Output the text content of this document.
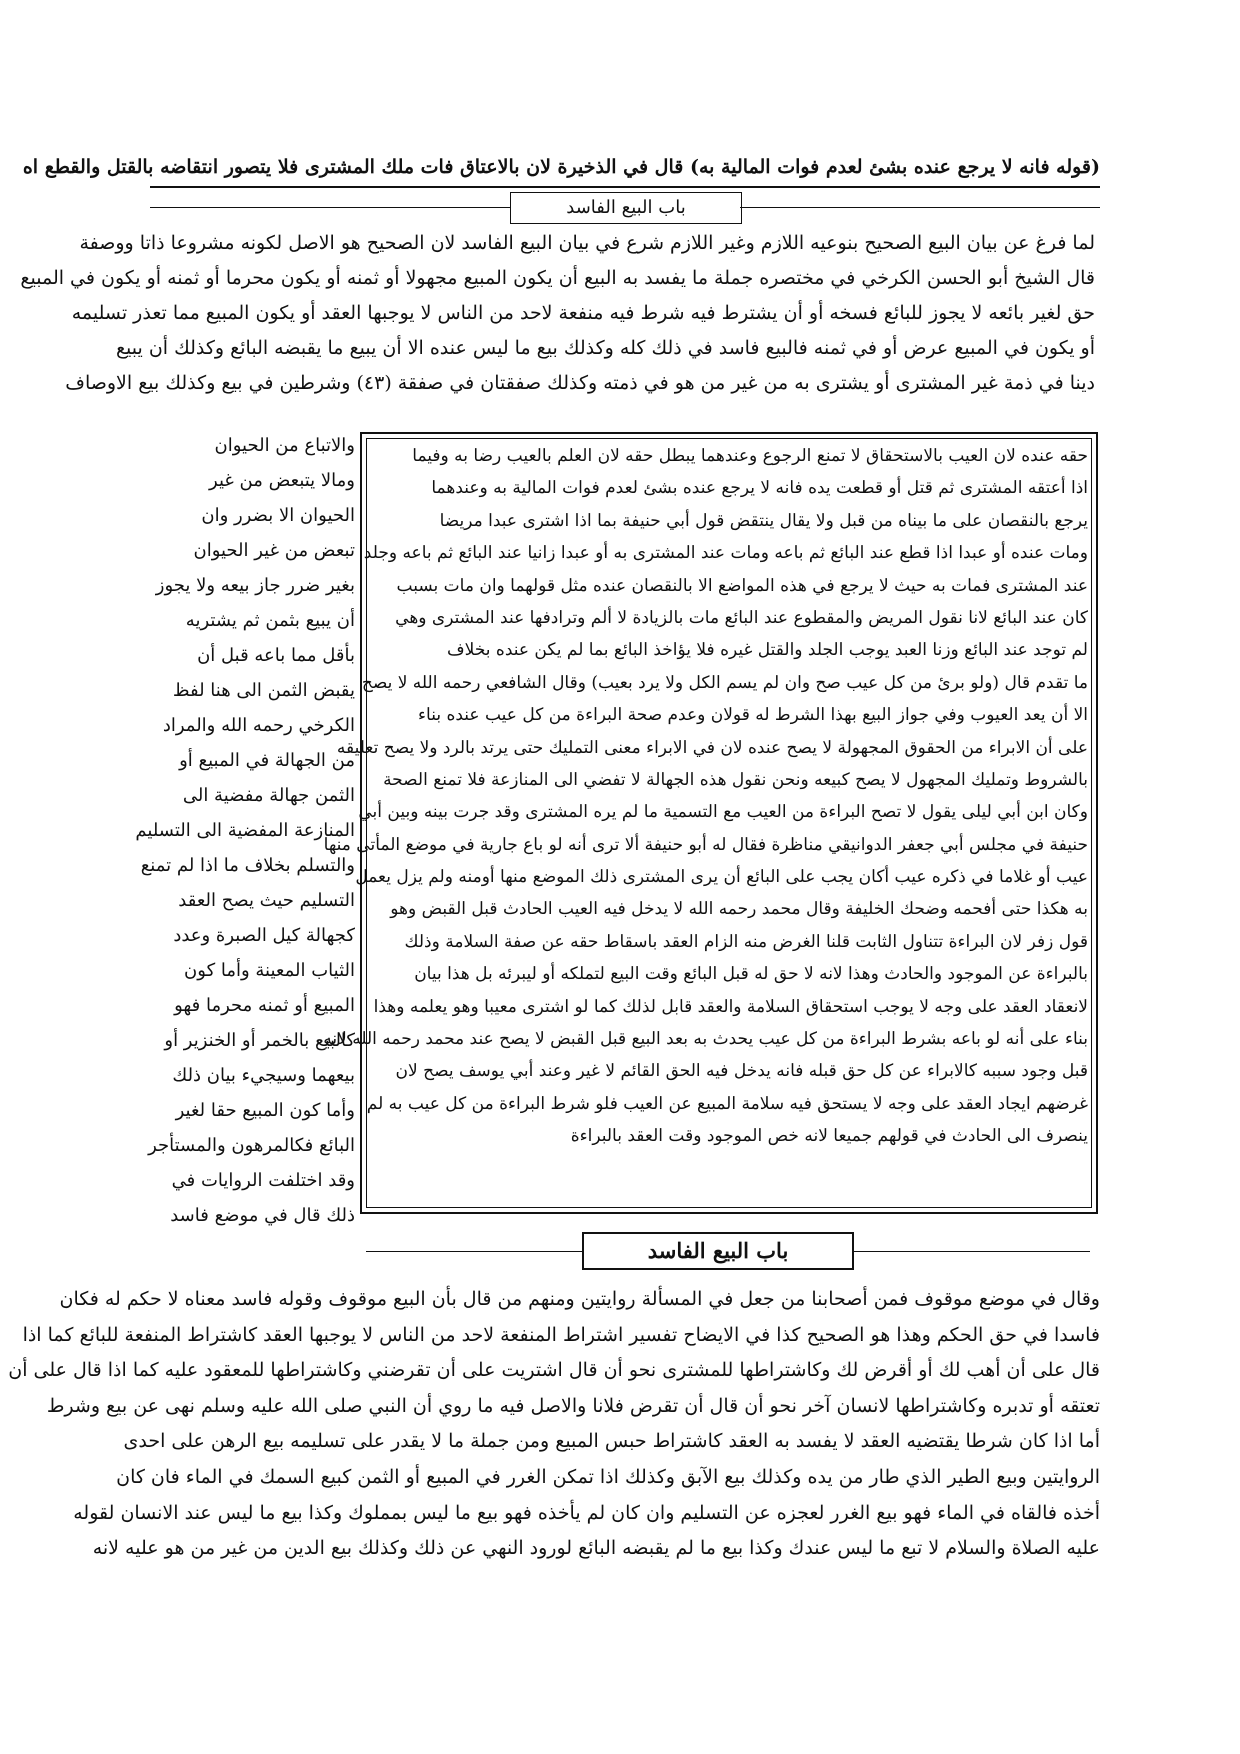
(قوله فانه لا يرجع عنده بشئ لعدم فوات المالية به) قال في الذخيرة لان بالاعتاق فات ملك المشترى فلا يتصور انتقاضه بالقتل والقطع اه
باب البيع الفاسد
لما فرغ عن بيان البيع الصحيح بنوعيه اللازم وغير اللازم شرع في بيان البيع الفاسد لان الصحيح هو الاصل لكونه مشروعا ذاتا ووصفة
قال الشيخ أبو الحسن الكرخي في مختصره جملة ما يفسد به البيع أن يكون المبيع مجهولا أو ثمنه أو يكون محرما أو ثمنه أو يكون في المبيع
حق لغير بائعه لا يجوز للبائع فسخه أو أن يشترط فيه شرط فيه منفعة لاحد من الناس لا يوجبها العقد أو يكون المبيع مما تعذر تسليمه
أو يكون في المبيع عرض أو في ثمنه فالبيع فاسد في ذلك كله وكذلك بيع ما ليس عنده الا أن يبيع ما يقبضه البائع وكذلك أن يبيع
دينا في ذمة غير المشترى أو يشترى به من غير من هو في ذمته وكذلك صفقتان في صفقة (٤٣) وشرطين في بيع وكذلك بيع الاوصاف
والاتباع من الحيوان
ومالا يتبعض من غير
الحيوان الا بضرر وان
تبعض من غير الحيوان
بغير ضرر جاز بيعه ولا يجوز
أن يبيع بثمن ثم يشتريه
بأقل مما باعه قبل أن
يقبض الثمن الى هنا لفظ
الكرخي رحمه الله والمراد
من الجهالة في المبيع أو
الثمن جهالة مفضية الى
المنازعة المفضية الى التسليم
والتسلم بخلاف ما اذا لم تمنع
التسليم حيث يصح العقد
كجهالة كيل الصبرة وعدد
الثياب المعينة وأما كون
المبيع أو ثمنه محرما فهو
كالبيع بالخمر أو الخنزير أو
بيعهما وسيجيء بيان ذلك
وأما كون المبيع حقا لغير
البائع فكالمرهون والمستأجر
وقد اختلفت الروايات في
ذلك قال في موضع فاسد
حقه عنده لان العيب بالاستحقاق لا تمنع الرجوع وعندهما يبطل حقه لان العلم بالعيب رضا به وفيما
اذا أعتقه المشترى ثم قتل أو قطعت يده فانه لا يرجع عنده بشئ لعدم فوات المالية به وعندهما
يرجع بالنقصان على ما بيناه من قبل ولا يقال ينتقض قول أبي حنيفة بما اذا اشترى عبدا مريضا
ومات عنده أو عبدا اذا قطع عند البائع ثم باعه ومات عند المشترى به أو عبدا زانيا عند البائع ثم باعه وجلد
عند المشترى فمات به حيث لا يرجع في هذه المواضع الا بالنقصان عنده مثل قولهما وان مات بسبب
كان عند البائع لانا نقول المريض والمقطوع عند البائع مات بالزيادة لا ألم وترادفها عند المشترى وهي
لم توجد عند البائع وزنا العبد يوجب الجلد والقتل غيره فلا يؤاخذ البائع بما لم يكن عنده بخلاف
ما تقدم قال (ولو برئ من كل عيب صح وان لم يسم الكل ولا يرد بعيب) وقال الشافعي رحمه الله لا يصح
الا أن يعد العيوب وفي جواز البيع بهذا الشرط له قولان وعدم صحة البراءة من كل عيب عنده بناء
على أن الابراء من الحقوق المجهولة لا يصح عنده لان في الابراء معنى التمليك حتى يرتد بالرد ولا يصح تعليقه
بالشروط وتمليك المجهول لا يصح كبيعه ونحن نقول هذه الجهالة لا تفضي الى المنازعة فلا تمنع الصحة
وكان ابن أبي ليلى يقول لا تصح البراءة من العيب مع التسمية ما لم يره المشترى وقد جرت بينه وبين أبي
حنيفة في مجلس أبي جعفر الدوانيقي مناظرة فقال له أبو حنيفة ألا ترى أنه لو باع جارية في موضع المأتى منها
عيب أو غلاما في ذكره عيب أكان يجب على البائع أن يرى المشترى ذلك الموضع منها أومنه ولم يزل يعمل
به هكذا حتى أفحمه وضحك الخليفة وقال محمد رحمه الله لا يدخل فيه العيب الحادث قبل القبض وهو
قول زفر لان البراءة تتناول الثابت قلنا الغرض منه الزام العقد باسقاط حقه عن صفة السلامة وذلك
بالبراءة عن الموجود والحادث وهذا لانه لا حق له قبل البائع وقت البيع لتملكه أو ليبرئه بل هذا بيان
لانعقاد العقد على وجه لا يوجب استحقاق السلامة والعقد قابل لذلك كما لو اشترى معيبا وهو يعلمه وهذا
بناء على أنه لو باعه بشرط البراءة من كل عيب يحدث به بعد البيع قبل القبض لا يصح عند محمد رحمه الله لانه
قبل وجود سببه كالابراء عن كل حق قبله فانه يدخل فيه الحق القائم لا غير وعند أبي يوسف يصح لان
غرضهم ايجاد العقد على وجه لا يستحق فيه سلامة المبيع عن العيب فلو شرط البراءة من كل عيب به لم
ينصرف الى الحادث في قولهم جميعا لانه خص الموجود وقت العقد بالبراءة
باب البيع الفاسد
وقال في موضع موقوف فمن أصحابنا من جعل في المسألة روايتين ومنهم من قال بأن البيع موقوف وقوله فاسد معناه لا حكم له فكان
فاسدا في حق الحكم وهذا هو الصحيح كذا في الايضاح تفسير اشتراط المنفعة لاحد من الناس لا يوجبها العقد كاشتراط المنفعة للبائع كما اذا
قال على أن أهب لك أو أقرض لك وكاشتراطها للمشترى نحو أن قال اشتريت على أن تقرضني وكاشتراطها للمعقود عليه كما اذا قال على أن
تعتقه أو تدبره وكاشتراطها لانسان آخر نحو أن قال أن تقرض فلانا والاصل فيه ما روي أن النبي صلى الله عليه وسلم نهى عن بيع وشرط
أما اذا كان شرطا يقتضيه العقد لا يفسد به العقد كاشتراط حبس المبيع ومن جملة ما لا يقدر على تسليمه بيع الرهن على احدى
الروايتين وبيع الطير الذي طار من يده وكذلك بيع الآبق وكذلك اذا تمكن الغرر في المبيع أو الثمن كبيع السمك في الماء فان كان
أخذه فالقاه في الماء فهو بيع الغرر لعجزه عن التسليم وان كان لم يأخذه فهو بيع ما ليس بمملوك وكذا بيع ما ليس عند الانسان لقوله
عليه الصلاة والسلام لا تبع ما ليس عندك وكذا بيع ما لم يقبضه البائع لورود النهي عن ذلك وكذلك بيع الدين من غير من هو عليه لانه
